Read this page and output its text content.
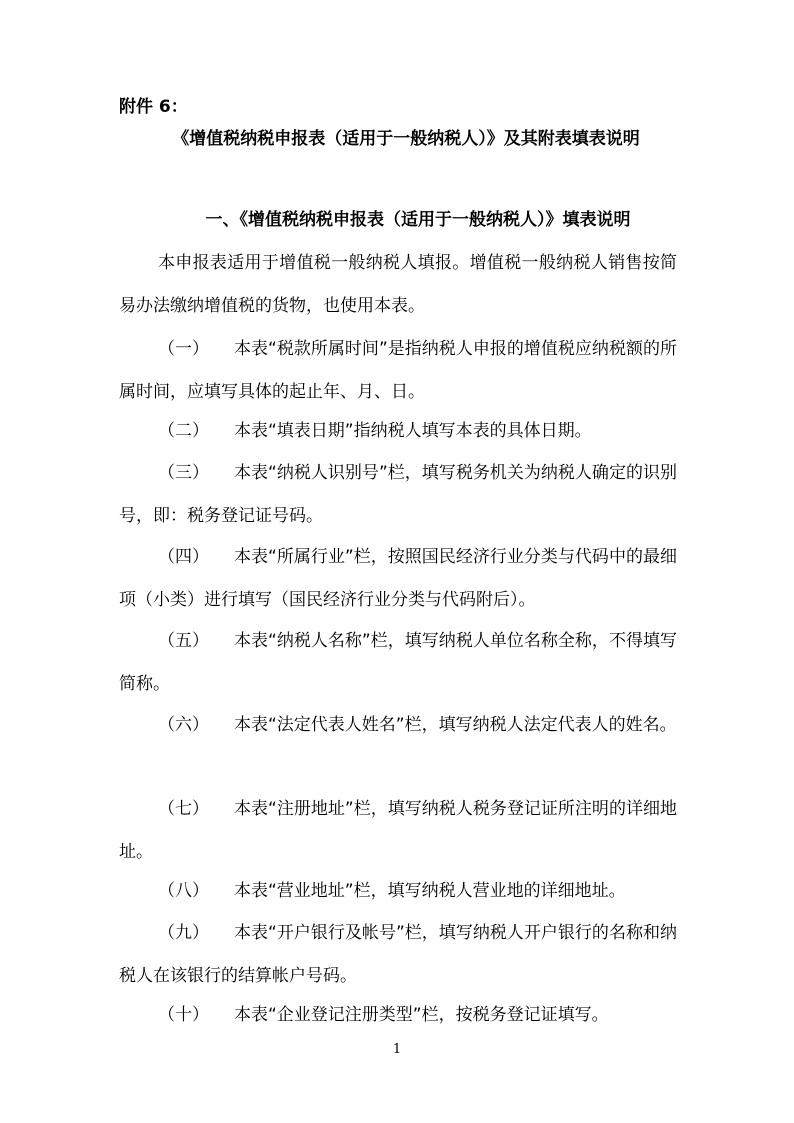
附件 6：
《增值税纳税申报表（适用于一般纳税人）》及其附表填表说明
一、《增值税纳税申报表（适用于一般纳税人）》填表说明
本申报表适用于增值税一般纳税人填报。增值税一般纳税人销售按简易办法缴纳增值税的货物，也使用本表。
（一） 本表“税款所属时间”是指纳税人申报的增值税应纳税额的所属时间，应填写具体的起止年、月、日。
（二） 本表“填表日期”指纳税人填写本表的具体日期。
（三） 本表“纳税人识别号”栏，填写税务机关为纳税人确定的识别号，即：税务登记证号码。
（四） 本表“所属行业”栏，按照国民经济行业分类与代码中的最细项（小类）进行填写（国民经济行业分类与代码附后）。
（五） 本表“纳税人名称”栏，填写纳税人单位名称全称，不得填写简称。
（六） 本表“法定代表人姓名”栏，填写纳税人法定代表人的姓名。
（七） 本表“注册地址”栏，填写纳税人税务登记证所注明的详细地址。
（八） 本表“营业地址”栏，填写纳税人营业地的详细地址。
（九） 本表“开户银行及帐号”栏，填写纳税人开户银行的名称和纳税人在该银行的结算帐户号码。
（十） 本表“企业登记注册类型”栏，按税务登记证填写。
1
